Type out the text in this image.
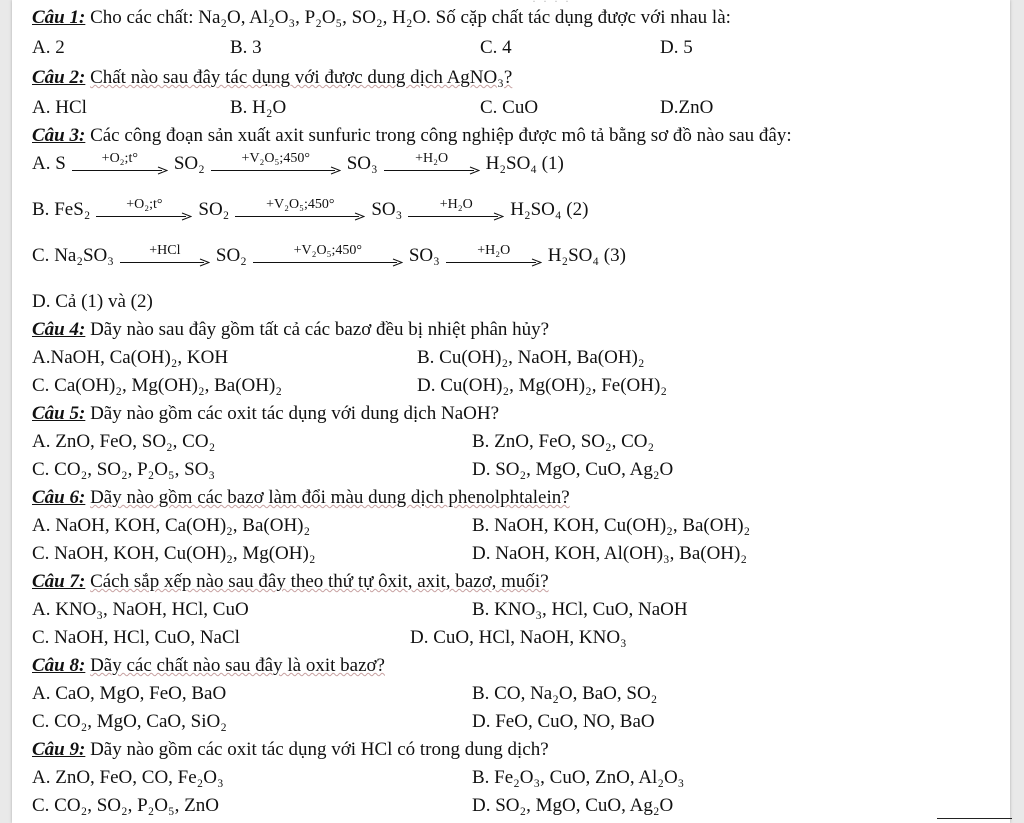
· · · ·
Câu 1: Cho các chất: Na₂O, Al₂O₃, P₂O₅, SO₂, H₂O. Số cặp chất tác dụng được với nhau là:
A. 2	B. 3	C. 4	D. 5
Câu 2: Chất nào sau đây tác dụng với được dung dịch AgNO₃?
A. HCl	B. H₂O	C. CuO	D.ZnO
Câu 3: Các công đoạn sản xuất axit sunfuric trong công nghiệp được mô tả bằng sơ đồ nào sau đây:
A.
S	+O₂;t°	SO₂	+V₂O₅;450°	SO₃	+H₂O	H₂SO₄ (1)
B.
FeS₂	+O₂;t°	SO₂	+V₂O₅;450°	SO₃	+H₂O	H₂SO₄ (2)
C.
Na₂SO₃	+HCl	SO₂	+V₂O₅;450°	SO₃	+H₂O	H₂SO₄ (3)
D. Cả (1) và (2)
Câu 4: Dãy nào sau đây gồm tất cả các bazơ đều bị nhiệt phân hủy?
A.NaOH, Ca(OH)₂, KOH	B. Cu(OH)₂, NaOH, Ba(OH)₂
C. Ca(OH)₂, Mg(OH)₂, Ba(OH)₂	D. Cu(OH)₂, Mg(OH)₂, Fe(OH)₂
Câu 5: Dãy nào gồm các oxit tác dụng với dung dịch NaOH?
A. ZnO, FeO, SO₂, CO₂	B. ZnO, FeO, SO₂, CO₂
C. CO₂, SO₂, P₂O₅, SO₃	D. SO₂, MgO, CuO, Ag₂O
Câu 6: Dãy nào gồm các bazơ làm đổi màu dung dịch phenolphtalein?
A. NaOH, KOH, Ca(OH)₂, Ba(OH)₂	B. NaOH, KOH, Cu(OH)₂, Ba(OH)₂
C. NaOH, KOH, Cu(OH)₂, Mg(OH)₂	D. NaOH, KOH, Al(OH)₃, Ba(OH)₂
Câu 7: Cách sắp xếp nào sau đây theo thứ tự ôxit, axit, bazơ, muối?
A. KNO₃, NaOH, HCl, CuO	B. KNO₃, HCl, CuO, NaOH
C. NaOH, HCl, CuO, NaCl	D. CuO, HCl, NaOH, KNO₃
Câu 8: Dãy các chất nào sau đây là oxit bazơ?
A. CaO, MgO, FeO, BaO	B. CO, Na₂O, BaO, SO₂
C. CO₂, MgO, CaO, SiO₂	D. FeO, CuO, NO, BaO
Câu 9: Dãy nào gồm các oxit tác dụng với HCl có trong dung dịch?
A. ZnO, FeO, CO, Fe₂O₃	B. Fe₂O₃, CuO, ZnO, Al₂O₃
C. CO₂, SO₂, P₂O₅, ZnO	D. SO₂, MgO, CuO, Ag₂O
